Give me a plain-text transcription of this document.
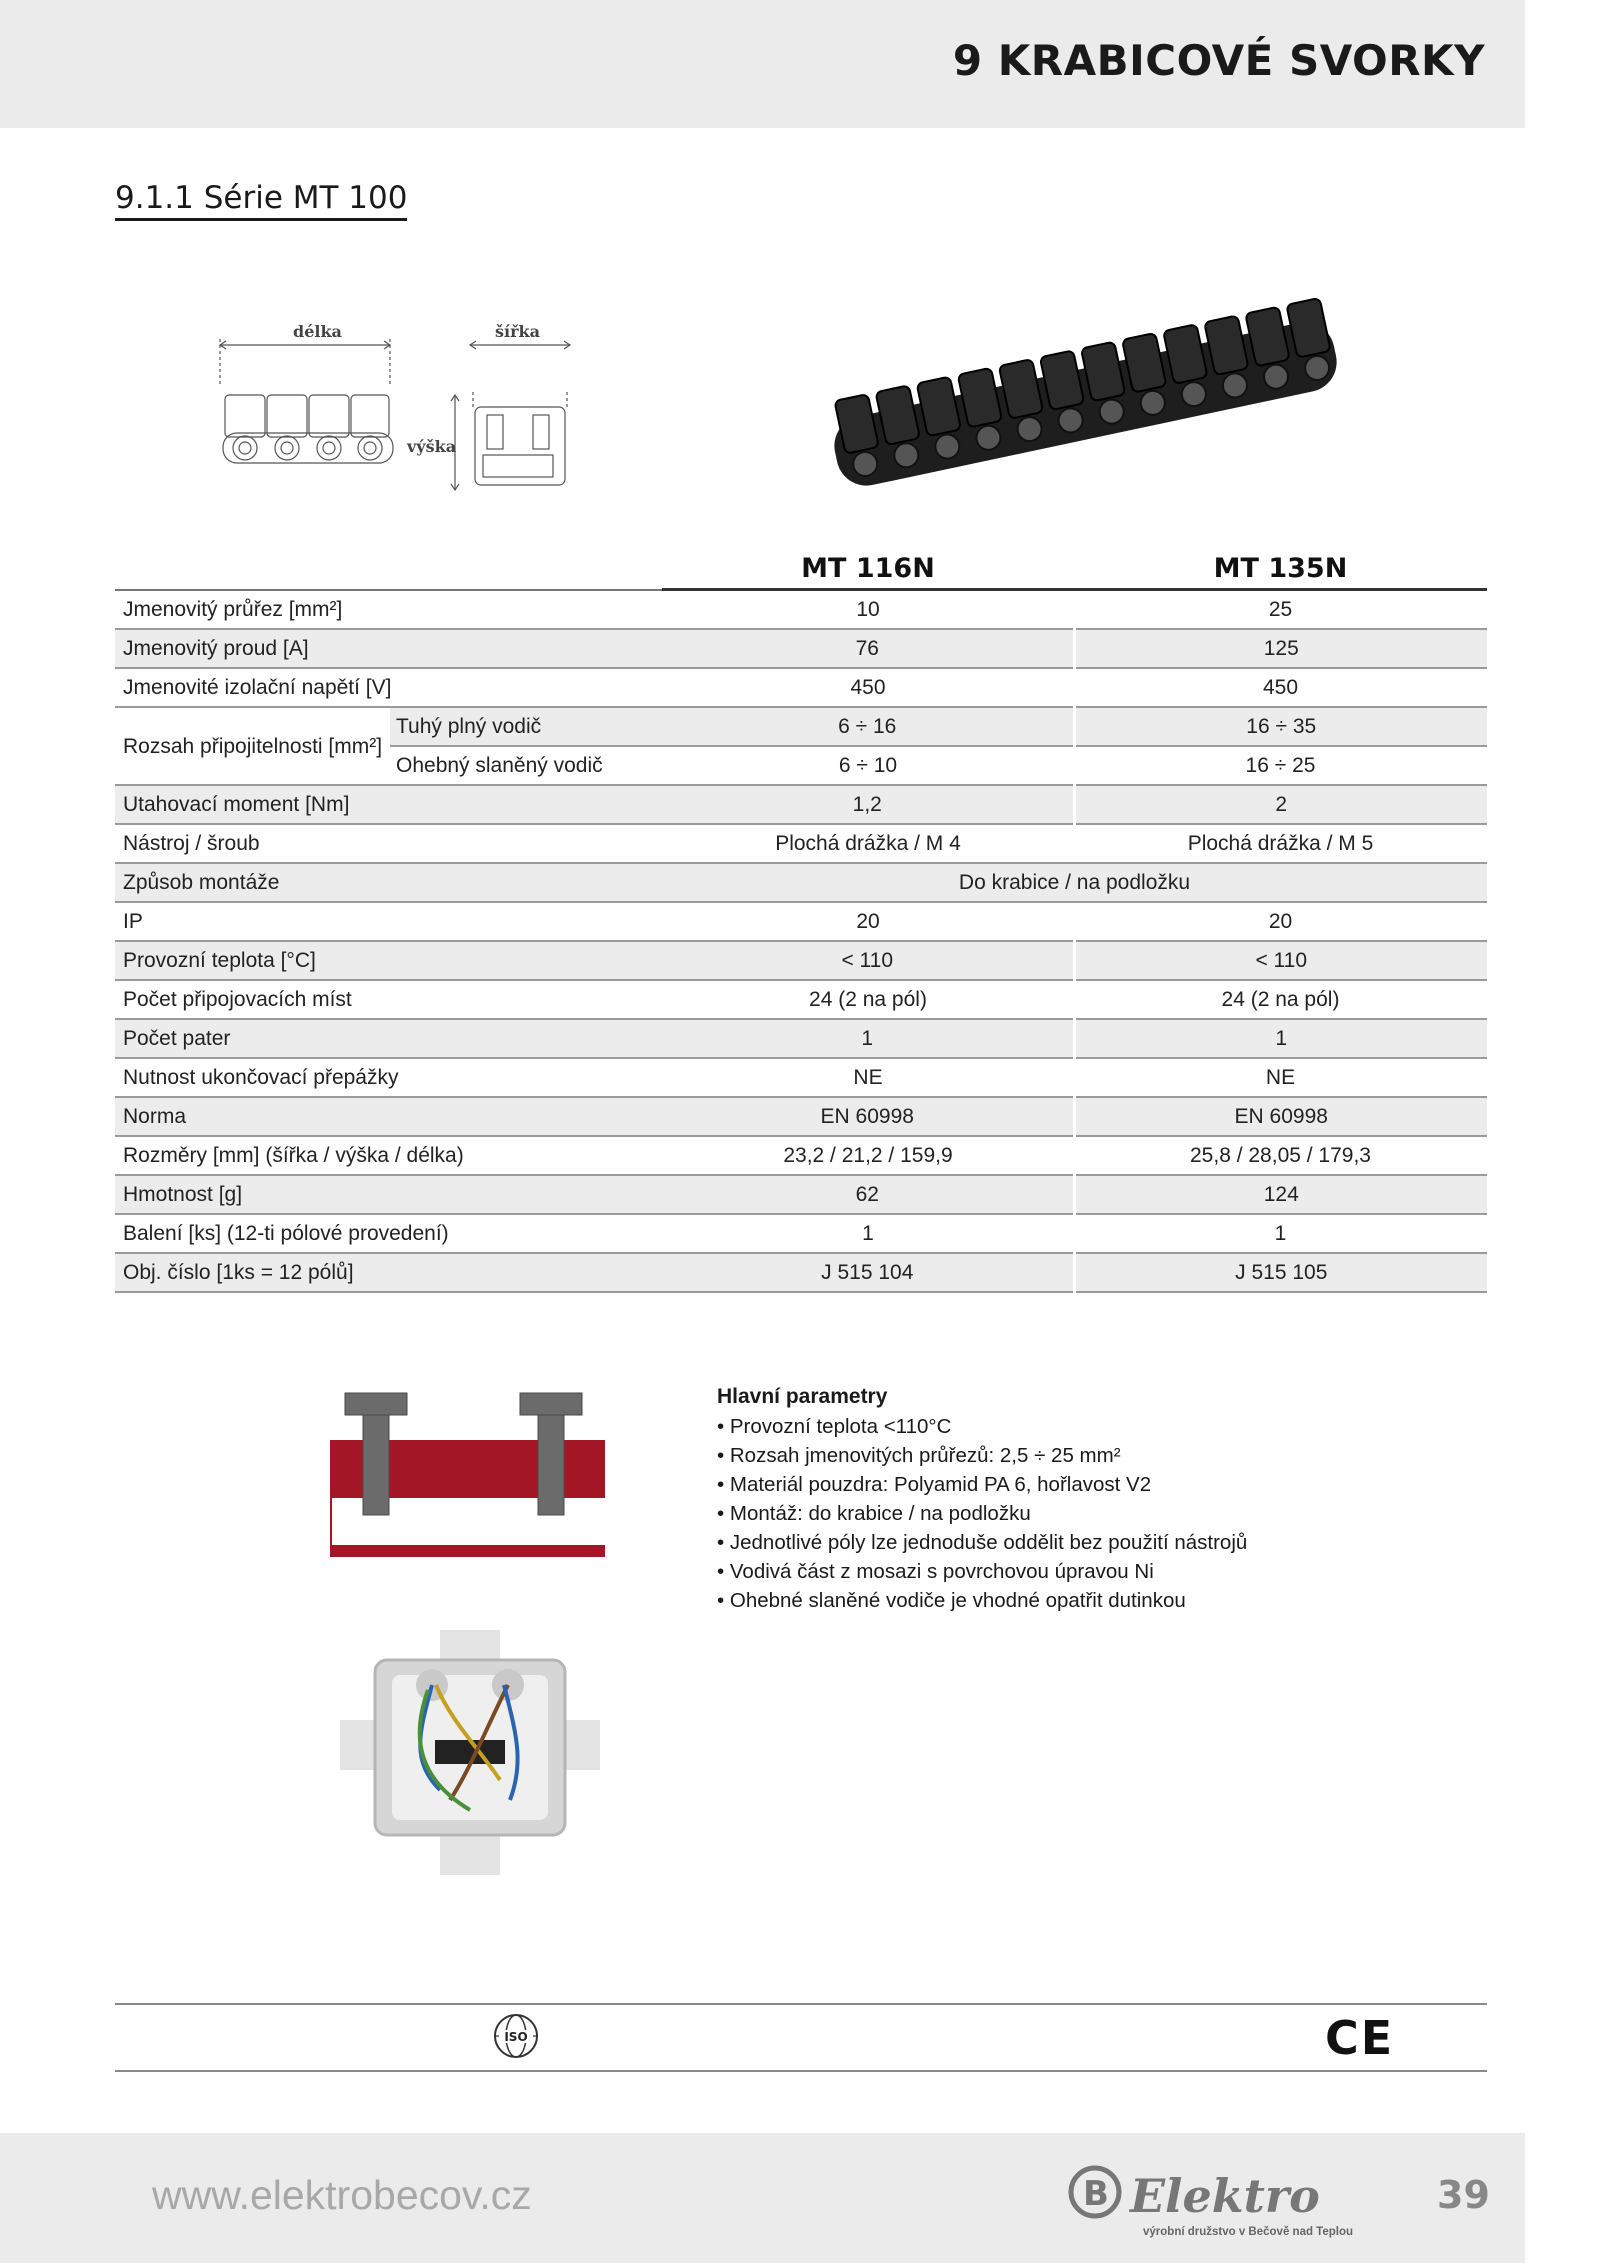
9 KRABICOVÉ SVORKY
9.1.1 Série MT 100
délka	šířka
výška
		MT 116N	MT 135N
Jmenovitý průřez [mm²]		10	25
Jmenovitý proud [A]		76	125
Jmenovité izolační napětí [V]		450	450
Rozsah připojitelnosti [mm²]	Tuhý plný vodič	6 ÷ 16	16 ÷ 35
	Ohebný slaněný vodič	6 ÷ 10	16 ÷ 25
Utahovací moment [Nm]		1,2	2
Nástroj / šroub		Plochá drážka / M 4	Plochá drážka / M 5
Způsob montáže		Do krabice / na podložku	
IP		20	20
Provozní teplota [°C]		< 110	< 110
Počet připojovacích míst		24 (2 na pól)	24 (2 na pól)
Počet pater		1	1
Nutnost ukončovací přepážky		NE	NE
Norma		EN 60998	EN 60998
Rozměry [mm] (šířka / výška / délka)		23,2 / 21,2 / 159,9	25,8 / 28,05 / 179,3
Hmotnost [g]		62	124
Balení [ks] (12-ti pólové provedení)		1	1
Obj. číslo [1ks = 12 pólů]		J 515 104	J 515 105

Hlavní parametry

• Provozní teplota <110°C
• Rozsah jmenovitých průřezů: 2,5 ÷ 25 mm²
• Materiál pouzdra: Polyamid PA 6, hořlavost V2
• Montáž: do krabice / na podložku
• Jednotlivé póly lze jednoduše oddělit bez použití nástrojů
• Vodivá část z mosazi s povrchovou úpravou Ni
• Ohebné slaněné vodiče je vhodné opatřit dutinkou
ISO	CE

www.elektrobecov.cz	B Elektro
výrobní družstvo v Bečově nad Teplou

39
